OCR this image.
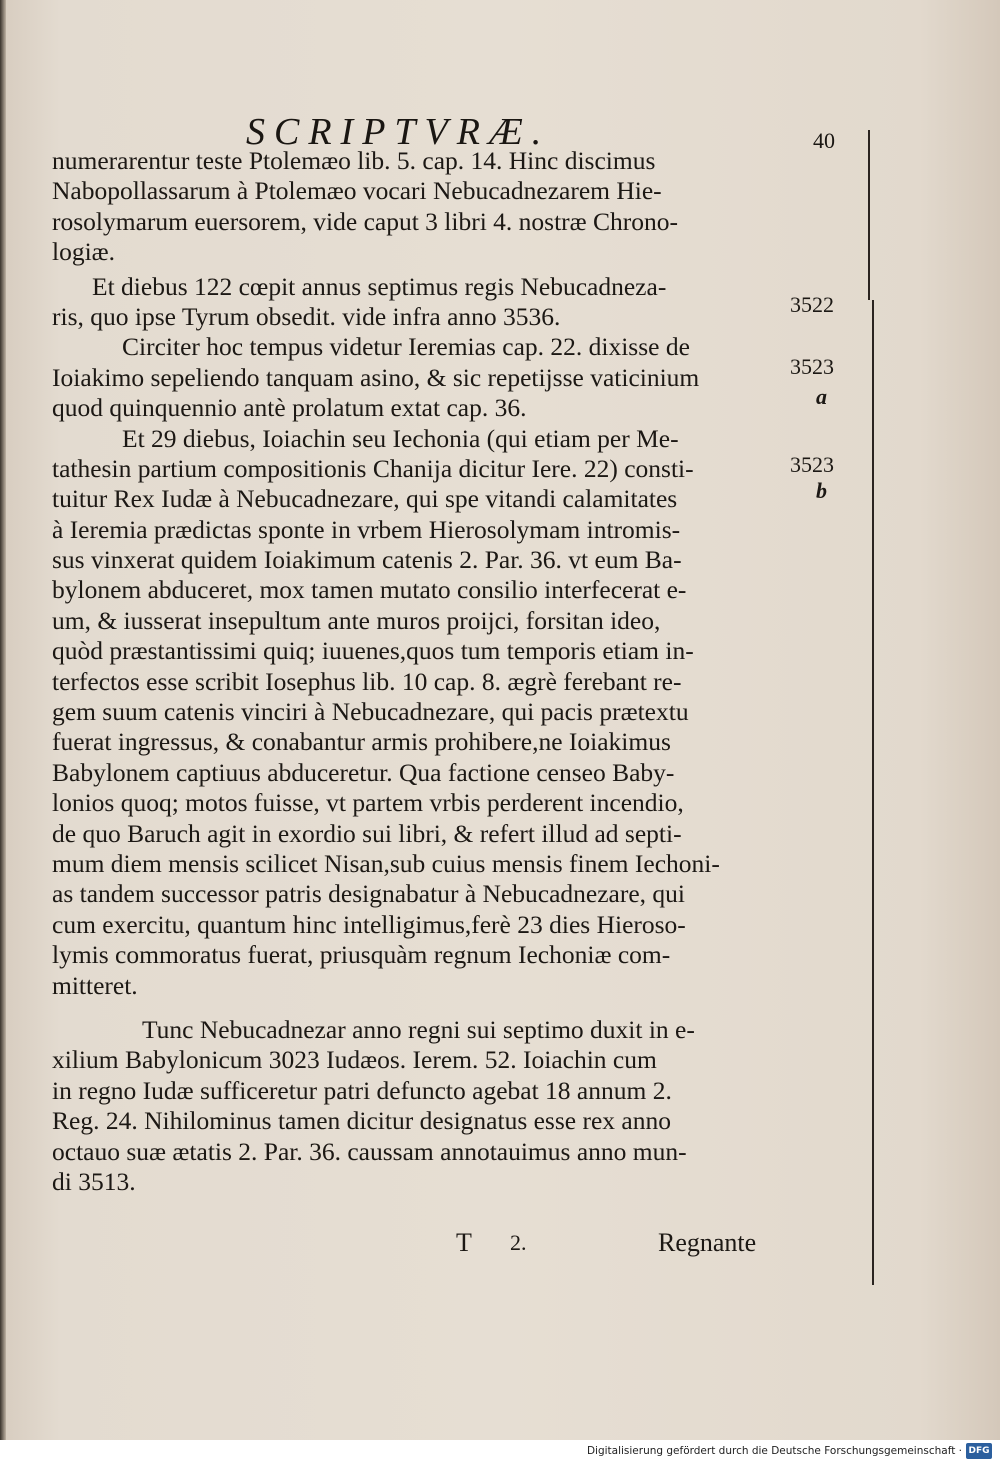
SCRIPTVRÆ.	40
3522
3523
a
3523
b
numerarentur teste Ptolemæo lib. 5. cap. 14. Hinc discimus
Nabopollassarum à Ptolemæo vocari Nebucadnezarem Hie-
rosolymarum euersorem, vide caput 3 libri 4. nostræ Chrono-
logiæ.
Et diebus 122 cœpit annus septimus regis Nebucadneza-
ris, quo ipse Tyrum obsedit. vide infra anno 3536.
Circiter hoc tempus videtur Ieremias cap. 22. dixisse de
Ioiakimo sepeliendo tanquam asino, & sic repetijsse vaticinium
quod quinquennio antè prolatum extat cap. 36.
Et 29 diebus, Ioiachin seu Iechonia (qui etiam per Me-
tathesin partium compositionis Chanija dicitur Iere. 22) consti-
tuitur Rex Iudæ à Nebucadnezare, qui spe vitandi calamitates
à Ieremia prædictas sponte in vrbem Hierosolymam intromis-
sus vinxerat quidem Ioiakimum catenis 2. Par. 36. vt eum Ba-
bylonem abduceret, mox tamen mutato consilio interfecerat e-
um, & iusserat insepultum ante muros proijci, forsitan ideo,
quòd præstantissimi quiq; iuuenes,quos tum temporis etiam in-
terfectos esse scribit Iosephus lib. 10 cap. 8. ægrè ferebant re-
gem suum catenis vinciri à Nebucadnezare, qui pacis prætextu
fuerat ingressus, & conabantur armis prohibere,ne Ioiakimus
Babylonem captiuus abduceretur. Qua factione censeo Baby-
lonios quoq; motos fuisse, vt partem vrbis perderent incendio,
de quo Baruch agit in exordio sui libri, & refert illud ad septi-
mum diem mensis scilicet Nisan,sub cuius mensis finem Iechoni-
as tandem successor patris designabatur à Nebucadnezare, qui
cum exercitu, quantum hinc intelligimus,ferè 23 dies Hieroso-
lymis commoratus fuerat, priusquàm regnum Iechoniæ com-
mitteret.
Tunc Nebucadnezar anno regni sui septimo duxit in e-
xilium Babylonicum 3023 Iudæos. Ierem. 52. Ioiachin cum
in regno Iudæ sufficeretur patri defuncto agebat 18 annum 2.
Reg. 24. Nihilominus tamen dicitur designatus esse rex anno
octauo suæ ætatis 2. Par. 36. caussam annotauimus anno mun-
di 3513.
T 2.	Regnante
Digitalisierung gefördert durch die Deutsche Forschungsgemeinschaft · DFG
